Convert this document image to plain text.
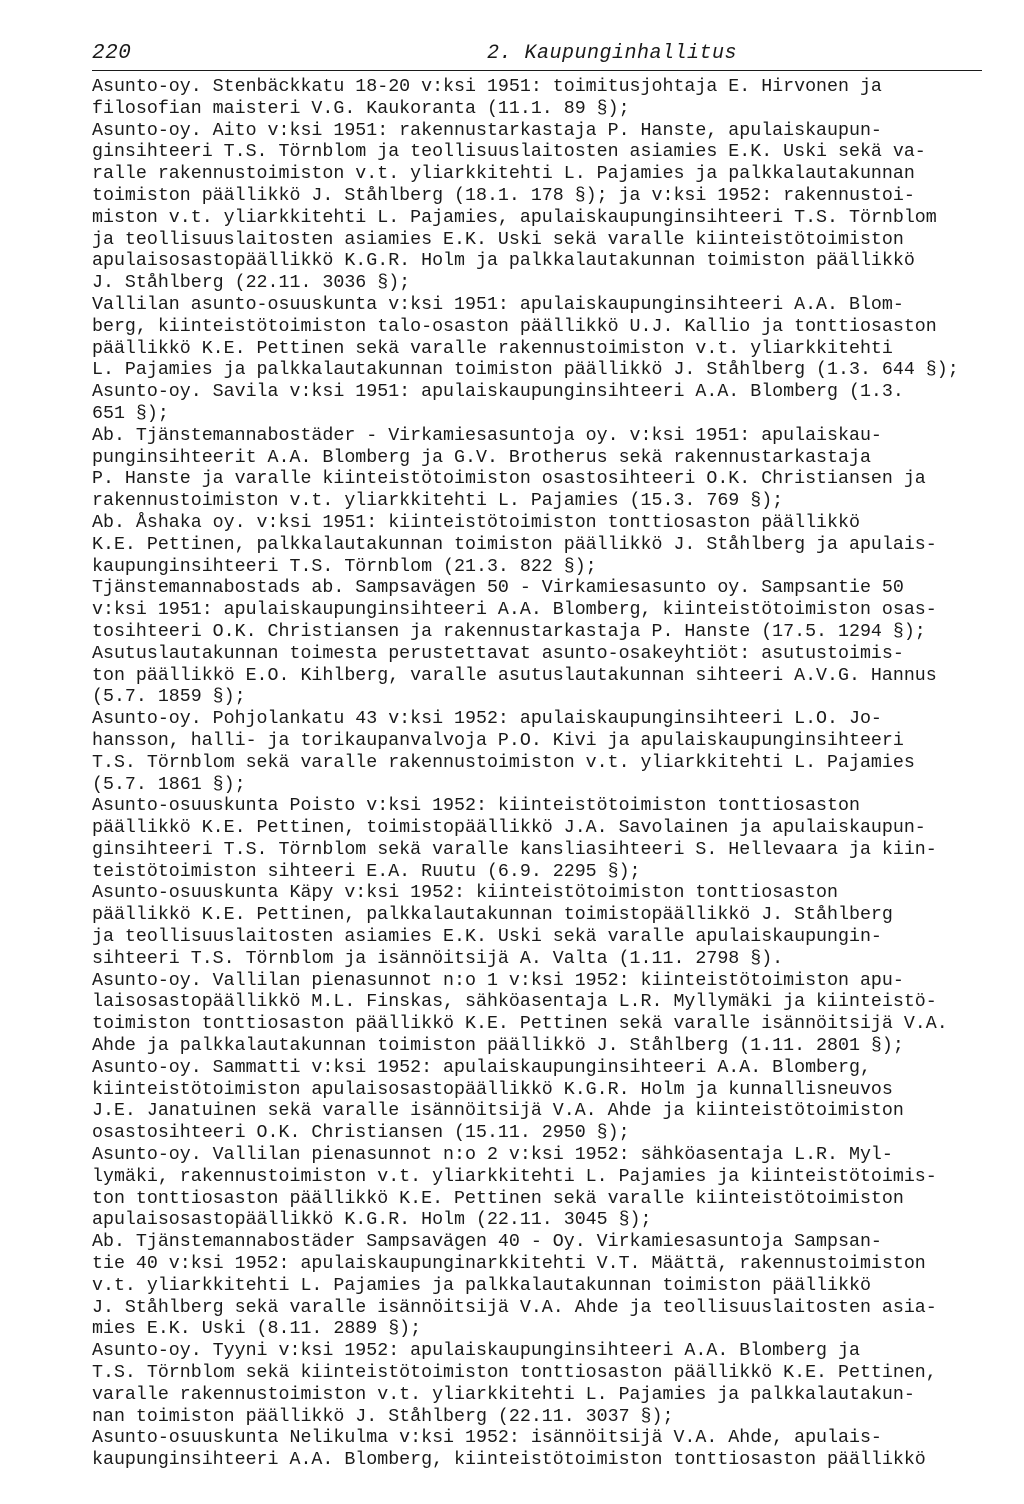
220	2. Kaupunginhallitus
Asunto-oy. Stenbäckkatu 18-20 v:ksi 1951: toimitusjohtaja E. Hirvonen ja
filosofian maisteri V.G. Kaukoranta (11.1. 89 §);
Asunto-oy. Aito v:ksi 1951: rakennustarkastaja P. Hanste, apulaiskaupun-
ginsihteeri T.S. Törnblom ja teollisuuslaitosten asiamies E.K. Uski sekä va-
ralle rakennustoimiston v.t. yliarkkitehti L. Pajamies ja palkkalautakunnan
toimiston päällikkö J. Ståhlberg (18.1. 178 §); ja v:ksi 1952: rakennustoi-
miston v.t. yliarkkitehti L. Pajamies, apulaiskaupunginsihteeri T.S. Törnblom
ja teollisuuslaitosten asiamies E.K. Uski sekä varalle kiinteistötoimiston
apulaisosastopäällikkö K.G.R. Holm ja palkkalautakunnan toimiston päällikkö
J. Ståhlberg (22.11. 3036 §);
Vallilan asunto-osuuskunta v:ksi 1951: apulaiskaupunginsihteeri A.A. Blom-
berg, kiinteistötoimiston talo-osaston päällikkö U.J. Kallio ja tonttiosaston
päällikkö K.E. Pettinen sekä varalle rakennustoimiston v.t. yliarkkitehti
L. Pajamies ja palkkalautakunnan toimiston päällikkö J. Ståhlberg (1.3. 644 §);
Asunto-oy. Savila v:ksi 1951: apulaiskaupunginsihteeri A.A. Blomberg (1.3.
651 §);
Ab. Tjänstemannabostäder - Virkamiesasuntoja oy. v:ksi 1951: apulaiskau-
punginsihteerit A.A. Blomberg ja G.V. Brotherus sekä rakennustarkastaja
P. Hanste ja varalle kiinteistötoimiston osastosihteeri O.K. Christiansen ja
rakennustoimiston v.t. yliarkkitehti L. Pajamies (15.3. 769 §);
Ab. Åshaka oy. v:ksi 1951: kiinteistötoimiston tonttiosaston päällikkö
K.E. Pettinen, palkkalautakunnan toimiston päällikkö J. Ståhlberg ja apulais-
kaupunginsihteeri T.S. Törnblom (21.3. 822 §);
Tjänstemannabostads ab. Sampsavägen 50 - Virkamiesasunto oy. Sampsantie 50
v:ksi 1951: apulaiskaupunginsihteeri A.A. Blomberg, kiinteistötoimiston osas-
tosihteeri O.K. Christiansen ja rakennustarkastaja P. Hanste (17.5. 1294 §);
Asutuslautakunnan toimesta perustettavat asunto-osakeyhtiöt: asutustoimis-
ton päällikkö E.O. Kihlberg, varalle asutuslautakunnan sihteeri A.V.G. Hannus
(5.7. 1859 §);
Asunto-oy. Pohjolankatu 43 v:ksi 1952: apulaiskaupunginsihteeri L.O. Jo-
hansson, halli- ja torikaupanvalvoja P.O. Kivi ja apulaiskaupunginsihteeri
T.S. Törnblom sekä varalle rakennustoimiston v.t. yliarkkitehti L. Pajamies
(5.7. 1861 §);
Asunto-osuuskunta Poisto v:ksi 1952: kiinteistötoimiston tonttiosaston
päällikkö K.E. Pettinen, toimistopäällikkö J.A. Savolainen ja apulaiskaupun-
ginsihteeri T.S. Törnblom sekä varalle kansliasihteeri S. Hellevaara ja kiin-
teistötoimiston sihteeri E.A. Ruutu (6.9. 2295 §);
Asunto-osuuskunta Käpy v:ksi 1952: kiinteistötoimiston tonttiosaston
päällikkö K.E. Pettinen, palkkalautakunnan toimistopäällikkö J. Ståhlberg
ja teollisuuslaitosten asiamies E.K. Uski sekä varalle apulaiskaupungin-
sihteeri T.S. Törnblom ja isännöitsijä A. Valta (1.11. 2798 §).
Asunto-oy. Vallilan pienasunnot n:o 1 v:ksi 1952: kiinteistötoimiston apu-
laisosastopäällikkö M.L. Finskas, sähköasentaja L.R. Myllymäki ja kiinteistö-
toimiston tonttiosaston päällikkö K.E. Pettinen sekä varalle isännöitsijä V.A.
Ahde ja palkkalautakunnan toimiston päällikkö J. Ståhlberg (1.11. 2801 §);
Asunto-oy. Sammatti v:ksi 1952: apulaiskaupunginsihteeri A.A. Blomberg,
kiinteistötoimiston apulaisosastopäällikkö K.G.R. Holm ja kunnallisneuvos
J.E. Janatuinen sekä varalle isännöitsijä V.A. Ahde ja kiinteistötoimiston
osastosihteeri O.K. Christiansen (15.11. 2950 §);
Asunto-oy. Vallilan pienasunnot n:o 2 v:ksi 1952: sähköasentaja L.R. Myl-
lymäki, rakennustoimiston v.t. yliarkkitehti L. Pajamies ja kiinteistötoimis-
ton tonttiosaston päällikkö K.E. Pettinen sekä varalle kiinteistötoimiston
apulaisosastopäällikkö K.G.R. Holm (22.11. 3045 §);
Ab. Tjänstemannabostäder Sampsavägen 40 - Oy. Virkamiesasuntoja Sampsan-
tie 40 v:ksi 1952: apulaiskaupunginarkkitehti V.T. Määttä, rakennustoimiston
v.t. yliarkkitehti L. Pajamies ja palkkalautakunnan toimiston päällikkö
J. Ståhlberg sekä varalle isännöitsijä V.A. Ahde ja teollisuuslaitosten asia-
mies E.K. Uski (8.11. 2889 §);
Asunto-oy. Tyyni v:ksi 1952: apulaiskaupunginsihteeri A.A. Blomberg ja
T.S. Törnblom sekä kiinteistötoimiston tonttiosaston päällikkö K.E. Pettinen,
varalle rakennustoimiston v.t. yliarkkitehti L. Pajamies ja palkkalautakun-
nan toimiston päällikkö J. Ståhlberg (22.11. 3037 §);
Asunto-osuuskunta Nelikulma v:ksi 1952: isännöitsijä V.A. Ahde, apulais-
kaupunginsihteeri A.A. Blomberg, kiinteistötoimiston tonttiosaston päällikkö
